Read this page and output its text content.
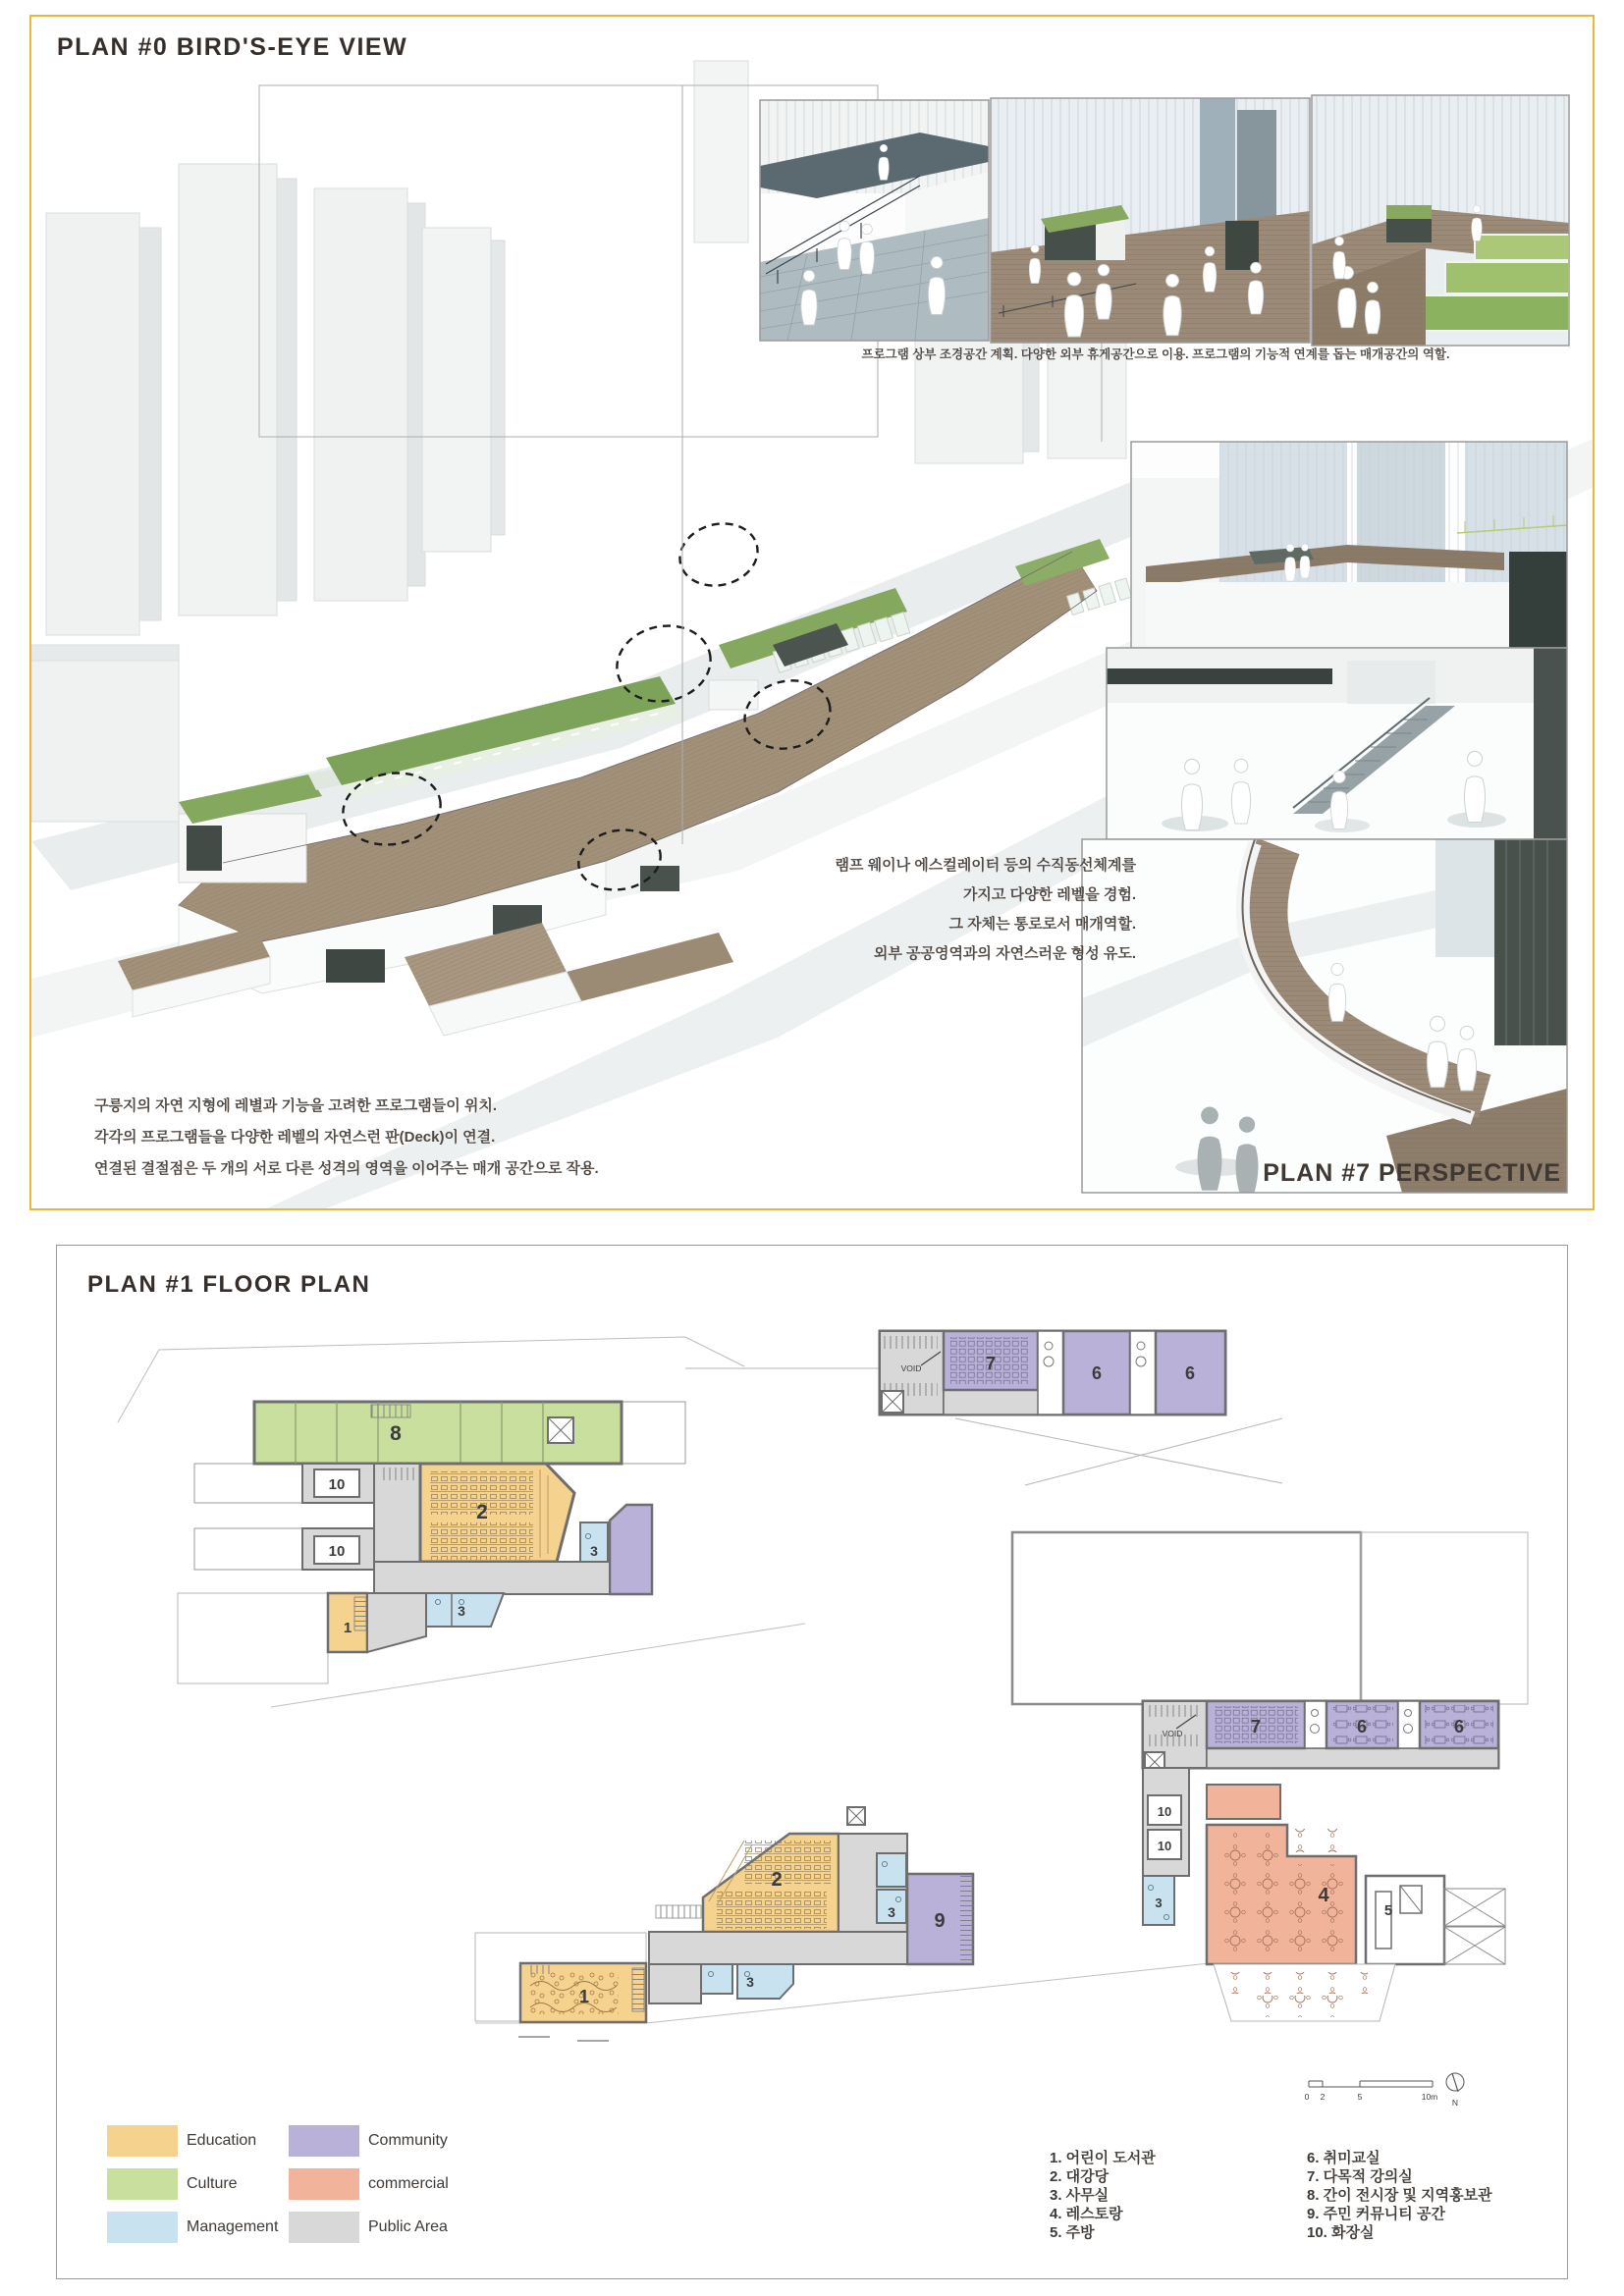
PLAN #0 BIRD'S-EYE VIEW
프로그램 상부 조경공간 계획. 다양한 외부 휴게공간으로 이용. 프로그램의 기능적 연계를 돕는 매개공간의 역할.
램프 웨이나 에스컬레이터 등의 수직동선체계를
가지고 다양한 레벨을 경험.
그 자체는 통로로서 매개역할.
외부 공공영역과의 자연스러운 형성 유도.
구릉지의 자연 지형에 레별과 기능을 고려한 프로그램들이 위치.
각각의 프로그램들을 다양한 레벨의 자연스런 판(Deck)이 연결.
연결된 결절점은 두 개의 서로 다른 성격의 영역을 이어주는 매개 공간으로 작용.	PLAN #7 PERSPECTIVE
8
10
10
2
3
3
1
VOID	7	6	6
VOID	7	6	6
10
10
3	4
5
1
2
3
3
9
0 2	5	10m
N
PLAN #1 FLOOR PLAN
Education	Community
Culture	commercial
Management	Public Area
1. 어린이 도서관
2. 대강당
3. 사무실
4. 레스토랑
5. 주방
6. 취미교실
7. 다목적 강의실
8. 간이 전시장 및 지역홍보관
9. 주민 커뮤니티 공간
10. 화장실
